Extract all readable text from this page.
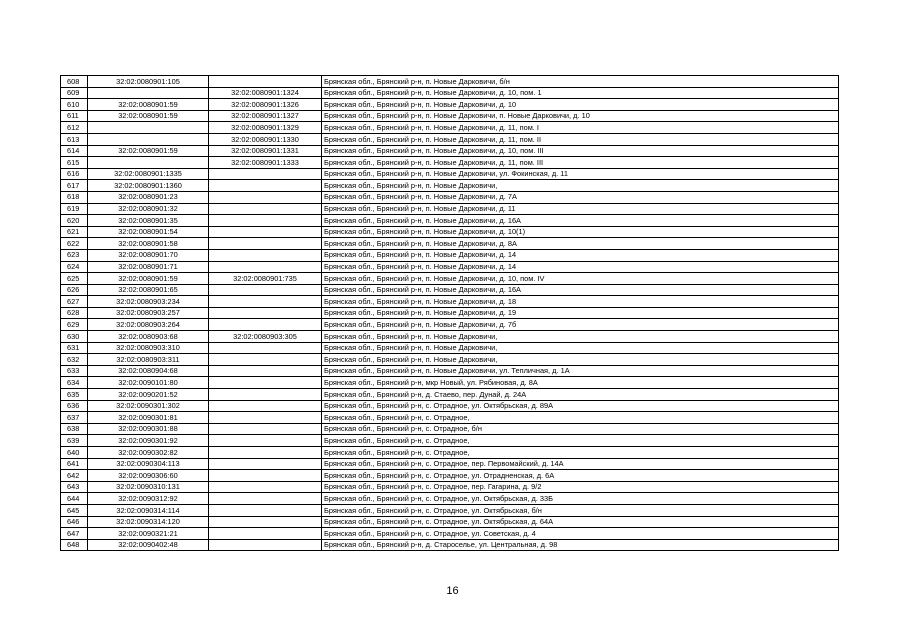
608	32:02:0080901:105		Брянская обл., Брянский р-н, п. Новые Дарковичи, б/н
609		32:02:0080901:1324	Брянская обл., Брянский р-н, п. Новые Дарковичи, д. 10, пом. 1
610	32:02:0080901:59	32:02:0080901:1326	Брянская обл., Брянский р-н, п. Новые Дарковичи, д. 10
611	32:02:0080901:59	32:02:0080901:1327	Брянская обл., Брянский р-н, п. Новые Дарковичи, п. Новые Дарковичи, д. 10
612		32:02:0080901:1329	Брянская обл., Брянский р-н, п. Новые Дарковичи, д. 11, пом. I
613		32:02:0080901:1330	Брянская обл., Брянский р-н, п. Новые Дарковичи, д. 11, пом. II
614	32:02:0080901:59	32:02:0080901:1331	Брянская обл., Брянский р-н, п. Новые Дарковичи, д. 10, пом. III
615		32:02:0080901:1333	Брянская обл., Брянский р-н, п. Новые Дарковичи, д. 11, пом. III
616	32:02:0080901:1335		Брянская обл., Брянский р-н, п. Новые Дарковичи, ул. Фокинская, д. 11
617	32:02:0080901:1360		Брянская обл., Брянский р-н, п. Новые Дарковичи,
618	32:02:0080901:23		Брянская обл., Брянский р-н, п. Новые Дарковичи, д. 7А
619	32:02:0080901:32		Брянская обл., Брянский р-н, п. Новые Дарковичи, д. 11
620	32:02:0080901:35		Брянская обл., Брянский р-н, п. Новые Дарковичи, д. 16А
621	32:02:0080901:54		Брянская обл., Брянский р-н, п. Новые Дарковичи, д. 10(1)
622	32:02:0080901:58		Брянская обл., Брянский р-н, п. Новые Дарковичи, д. 8А
623	32:02:0080901:70		Брянская обл., Брянский р-н, п. Новые Дарковичи, д. 14
624	32:02:0080901:71		Брянская обл., Брянский р-н, п. Новые Дарковичи, д. 14
625	32:02:0080901:59	32:02:0080901:735	Брянская обл., Брянский р-н, п. Новые Дарковичи, д. 10, пом. IV
626	32:02:0080901:65		Брянская обл., Брянский р-н, п. Новые Дарковичи, д. 16А
627	32:02:0080903:234		Брянская обл., Брянский р-н, п. Новые Дарковичи, д. 18
628	32:02:0080903:257		Брянская обл., Брянский р-н, п. Новые Дарковичи, д. 19
629	32:02:0080903:264		Брянская обл., Брянский р-н, п. Новые Дарковичи, д. 7б
630	32:02:0080903:68	32:02:0080903:305	Брянская обл., Брянский р-н, п. Новые Дарковичи,
631	32:02:0080903:310		Брянская обл., Брянский р-н, п. Новые Дарковичи,
632	32:02:0080903:311		Брянская обл., Брянский р-н, п. Новые Дарковичи,
633	32:02:0080904:68		Брянская обл., Брянский р-н, п. Новые Дарковичи, ул. Тепличная, д. 1А
634	32:02:0090101:80		Брянская обл., Брянский р-н, мкр Новый, ул. Рябиновая, д. 8А
635	32:02:0090201:52		Брянская обл., Брянский р-н, д. Стаево, пер. Дунай, д. 24А
636	32:02:0090301:302		Брянская обл., Брянский р-н, с. Отрадное, ул. Октябрьская, д. 89А
637	32:02:0090301:81		Брянская обл., Брянский р-н, с. Отрадное,
638	32:02:0090301:88		Брянская обл., Брянский р-н, с. Отрадное, б/н
639	32:02:0090301:92		Брянская обл., Брянский р-н, с. Отрадное,
640	32:02:0090302:82		Брянская обл., Брянский р-н, с. Отрадное,
641	32:02:0090304:113		Брянская обл., Брянский р-н, с. Отрадное, пер. Первомайский, д. 14А
642	32:02:0090306:60		Брянская обл., Брянский р-н, с. Отрадное, ул. Отрадненская, д. 6А
643	32:02:0090310:131		Брянская обл., Брянский р-н, с. Отрадное, пер. Гагарина, д. 9/2
644	32:02:0090312:92		Брянская обл., Брянский р-н, с. Отрадное, ул. Октябрьская, д. 33Б
645	32:02:0090314:114		Брянская обл., Брянский р-н, с. Отрадное, ул. Октябрьская, б/н
646	32:02:0090314:120		Брянская обл., Брянский р-н, с. Отрадное, ул. Октябрьская, д. 64А
647	32:02:0090321:21		Брянская обл., Брянский р-н, с. Отрадное, ул. Советская, д. 4
648	32:02:0090402:48		Брянская обл., Брянский р-н, д. Староселье, ул. Центральная, д. 98
16
